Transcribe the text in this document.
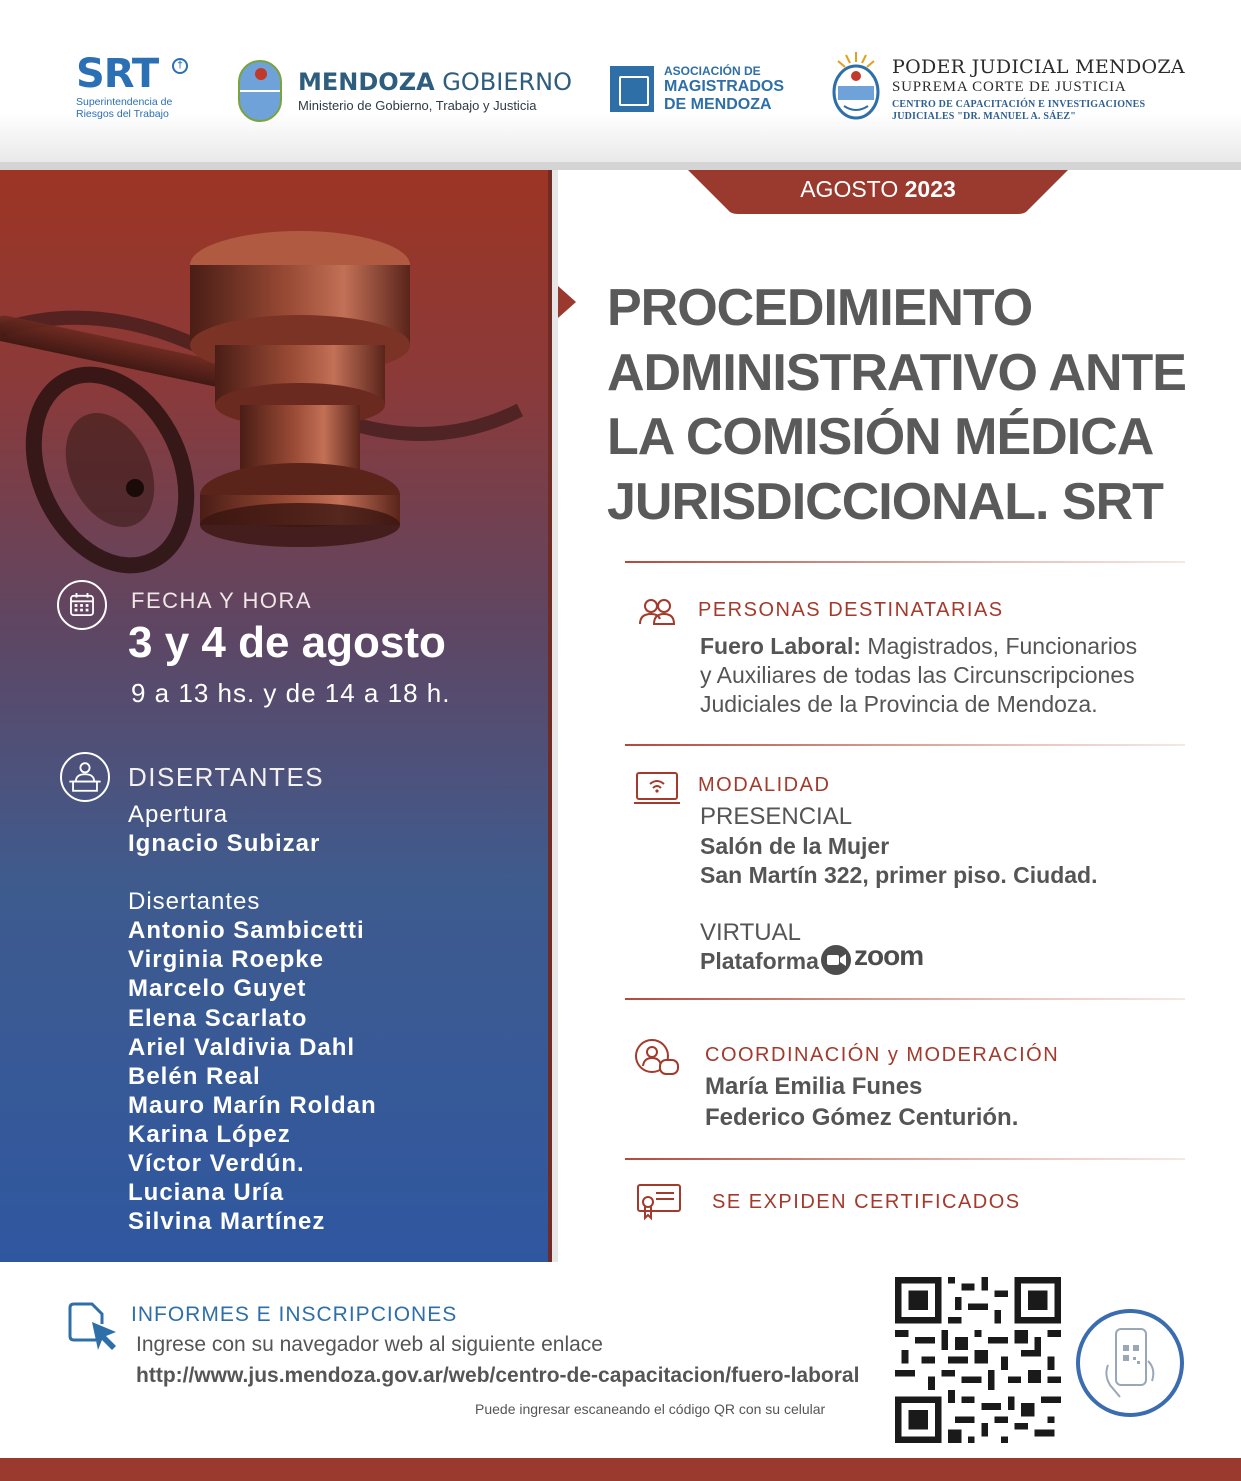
SRT	†
Superintendencia de
Riesgos del Trabajo
MENDOZA GOBIERNO
Ministerio de Gobierno, Trabajo y Justicia
ASOCIACIÓN DE
MAGISTRADOS
DE MENDOZA
PODER JUDICIAL MENDOZA
SUPREMA CORTE DE JUSTICIA
CENTRO DE CAPACITACIÓN E INVESTIGACIONES
JUDICIALES "DR. MANUEL A. SÁEZ"
FECHA Y HORA
3 y 4 de agosto
9 a 13 hs. y de 14 a 18 h.
DISERTANTES
Apertura
Ignacio Subizar
Disertantes
Antonio Sambicetti
Virginia Roepke
Marcelo Guyet
Elena Scarlato
Ariel Valdivia Dahl
Belén Real
Mauro Marín Roldan
Karina López
Víctor Verdún.
Luciana Uría
Silvina Martínez
AGOSTO 2023
PROCEDIMIENTO
ADMINISTRATIVO ANTE
LA COMISIÓN MÉDICA
JURISDICCIONAL. SRT
PERSONAS DESTINATARIAS
Fuero Laboral: Magistrados, Funcionarios
y Auxiliares de todas las Circunscripciones
Judiciales de la Provincia de Mendoza.
MODALIDAD
PRESENCIAL
Salón de la Mujer
San Martín 322, primer piso. Ciudad.
VIRTUAL
Plataforma zoom
COORDINACIÓN y MODERACIÓN
María Emilia Funes
Federico Gómez Centurión.
SE EXPIDEN CERTIFICADOS
INFORMES E INSCRIPCIONES
Ingrese con su navegador web al siguiente enlace
http://www.jus.mendoza.gov.ar/web/centro-de-capacitacion/fuero-laboral
Puede ingresar escaneando el código QR con su celular
